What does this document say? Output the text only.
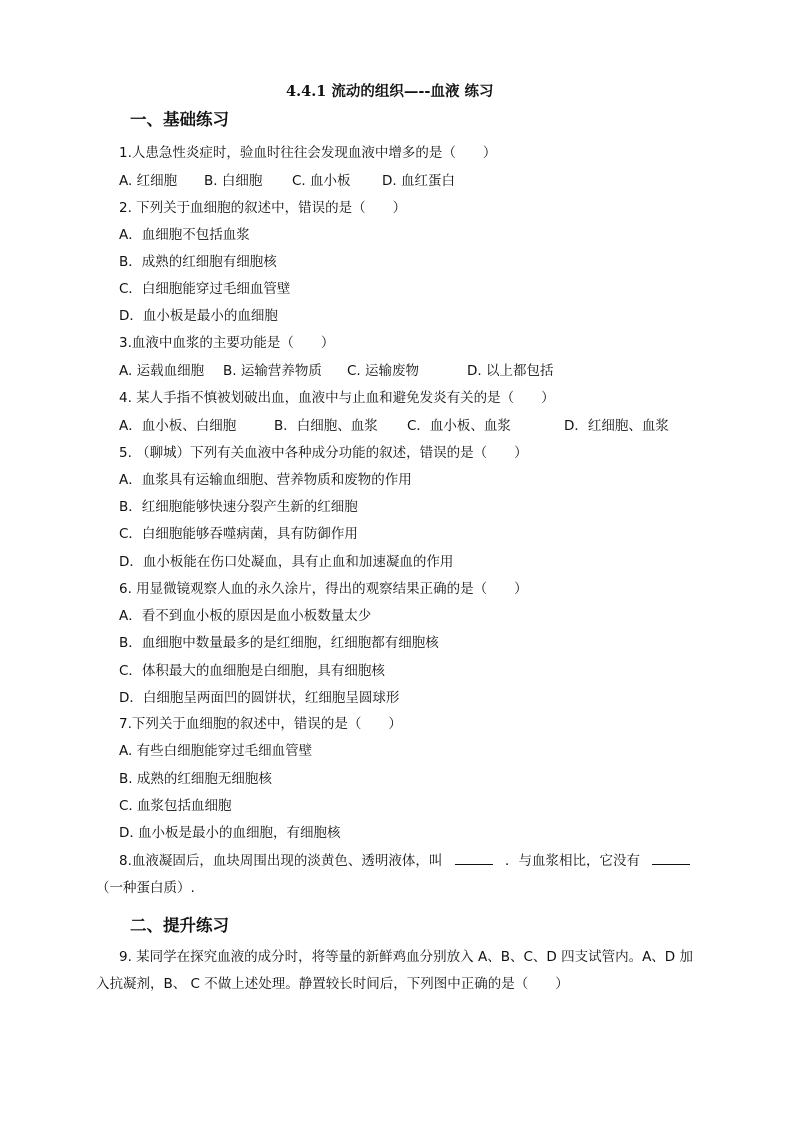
4.4.1 流动的组织—--血液 练习
一、基础练习
1.人患急性炎症时，验血时往往会发现血液中增多的是（　　）
A. 红细胞 B. 白细胞 C. 血小板 D. 血红蛋白
2. 下列关于血细胞的叙述中，错误的是（　　）
A．血细胞不包括血浆
B．成熟的红细胞有细胞核
C．白细胞能穿过毛细血管壁
D．血小板是最小的血细胞
3.血液中血浆的主要功能是（　　）
A. 运载血细胞 B. 运输营养物质 C. 运输废物	D. 以上都包括
4. 某人手指不慎被划破出血，血液中与止血和避免发炎有关的是（　　）
A．血小板、白细胞	B．白细胞、血浆 C．血小板、血浆	D．红细胞、血浆
5. （聊城）下列有关血液中各种成分功能的叙述，错误的是（　　）
A．血浆具有运输血细胞、营养物质和废物的作用
B．红细胞能够快速分裂产生新的红细胞
C．白细胞能够吞噬病菌，具有防御作用
D．血小板能在伤口处凝血，具有止血和加速凝血的作用
6. 用显微镜观察人血的永久涂片，得出的观察结果正确的是（　　）
A．看不到血小板的原因是血小板数量太少
B．血细胞中数量最多的是红细胞，红细胞都有细胞核
C．体积最大的血细胞是白细胞，具有细胞核
D．白细胞呈两面凹的圆饼状，红细胞呈圆球形
7.下列关于血细胞的叙述中，错误的是（　　）
A. 有些白细胞能穿过毛细血管壁
B. 成熟的红细胞无细胞核
C. 血浆包括血细胞
D. 血小板是最小的血细胞，有细胞核
8.血液凝固后，血块周围出现的淡黄色、透明液体，叫	．与血浆相比，它没有
（一种蛋白质）.
二、提升练习
9. 某同学在探究血液的成分时，将等量的新鲜鸡血分别放入 A、B、C、D 四支试管内。A、D 加
入抗凝剂，B、 C 不做上述处理。静置较长时间后，下列图中正确的是（　　）
